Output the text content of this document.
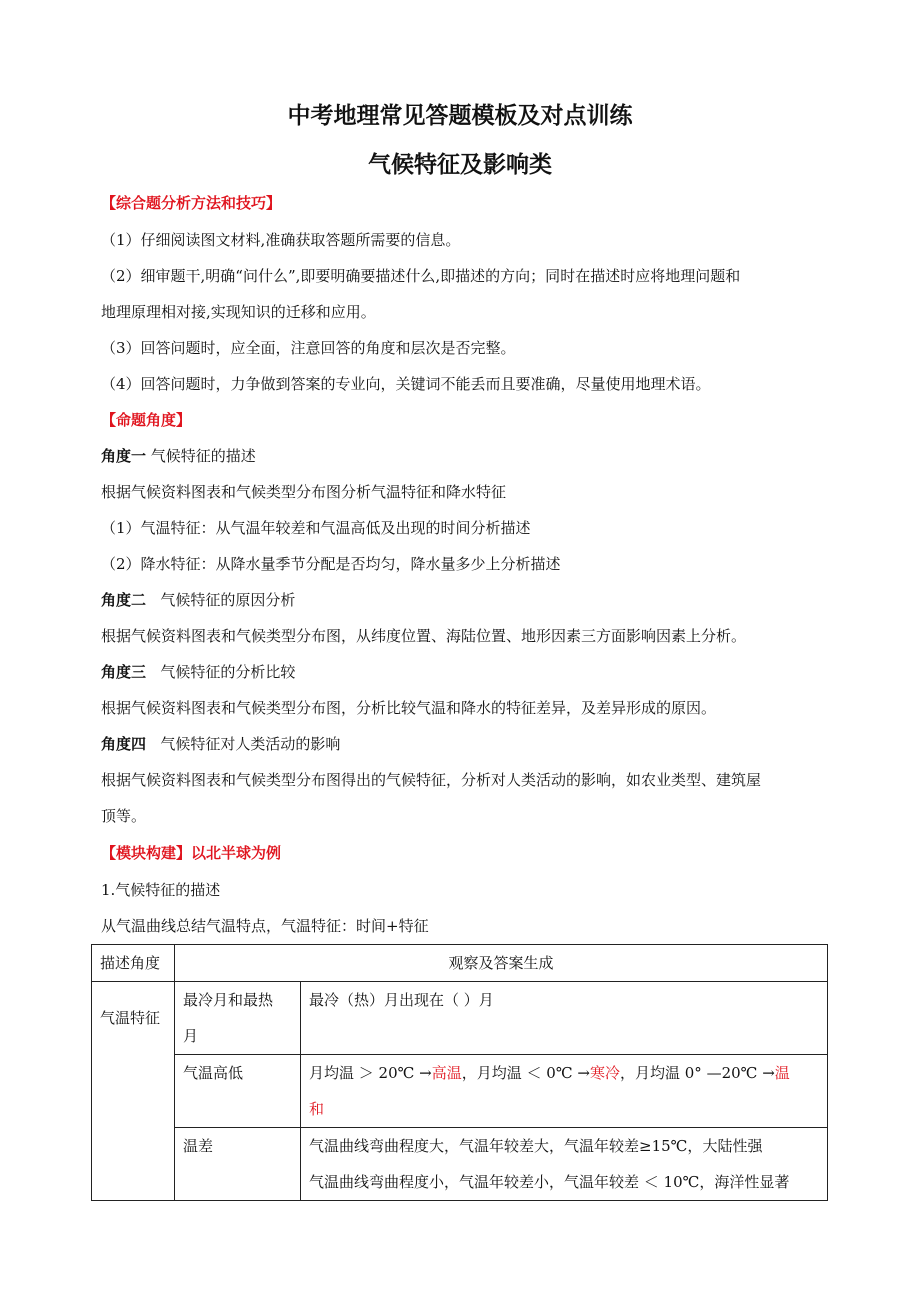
中考地理常见答题模板及对点训练
气候特征及影响类
【综合题分析方法和技巧】
（1）仔细阅读图文材料,准确获取答题所需要的信息。
（2）细审题干,明确“问什么”,即要明确要描述什么,即描述的方向；同时在描述时应将地理问题和
地理原理相对接,实现知识的迁移和应用。
（3）回答问题时，应全面，注意回答的角度和层次是否完整。
（4）回答问题时，力争做到答案的专业向，关键词不能丢而且要准确，尽量使用地理术语。
【命题角度】
角度一 气候特征的描述
根据气候资料图表和气候类型分布图分析气温特征和降水特征
（1）气温特征：从气温年较差和气温高低及出现的时间分析描述
（2）降水特征：从降水量季节分配是否均匀，降水量多少上分析描述
角度二   气候特征的原因分析
根据气候资料图表和气候类型分布图，从纬度位置、海陆位置、地形因素三方面影响因素上分析。
角度三   气候特征的分析比较
根据气候资料图表和气候类型分布图，分析比较气温和降水的特征差异，及差异形成的原因。
角度四   气候特征对人类活动的影响
根据气候资料图表和气候类型分布图得出的气候特征，分析对人类活动的影响，如农业类型、建筑屋
顶等。
【模块构建】以北半球为例
1.气候特征的描述
从气温曲线总结气温特点，气温特征：时间+特征
描述角度	观察及答案生成	
气温特征	最冷月和最热
月	最冷（热）月出现在（ ）月
	气温高低	月均温 ＞ 20℃ →高温，月均温 ＜ 0℃ →寒冷，月均温 0° —20℃ →温
和

	温差	气温曲线弯曲程度大，气温年较差大，气温年较差≥15℃，大陆性强
气温曲线弯曲程度小，气温年较差小，气温年较差 ＜ 10℃，海洋性显著
